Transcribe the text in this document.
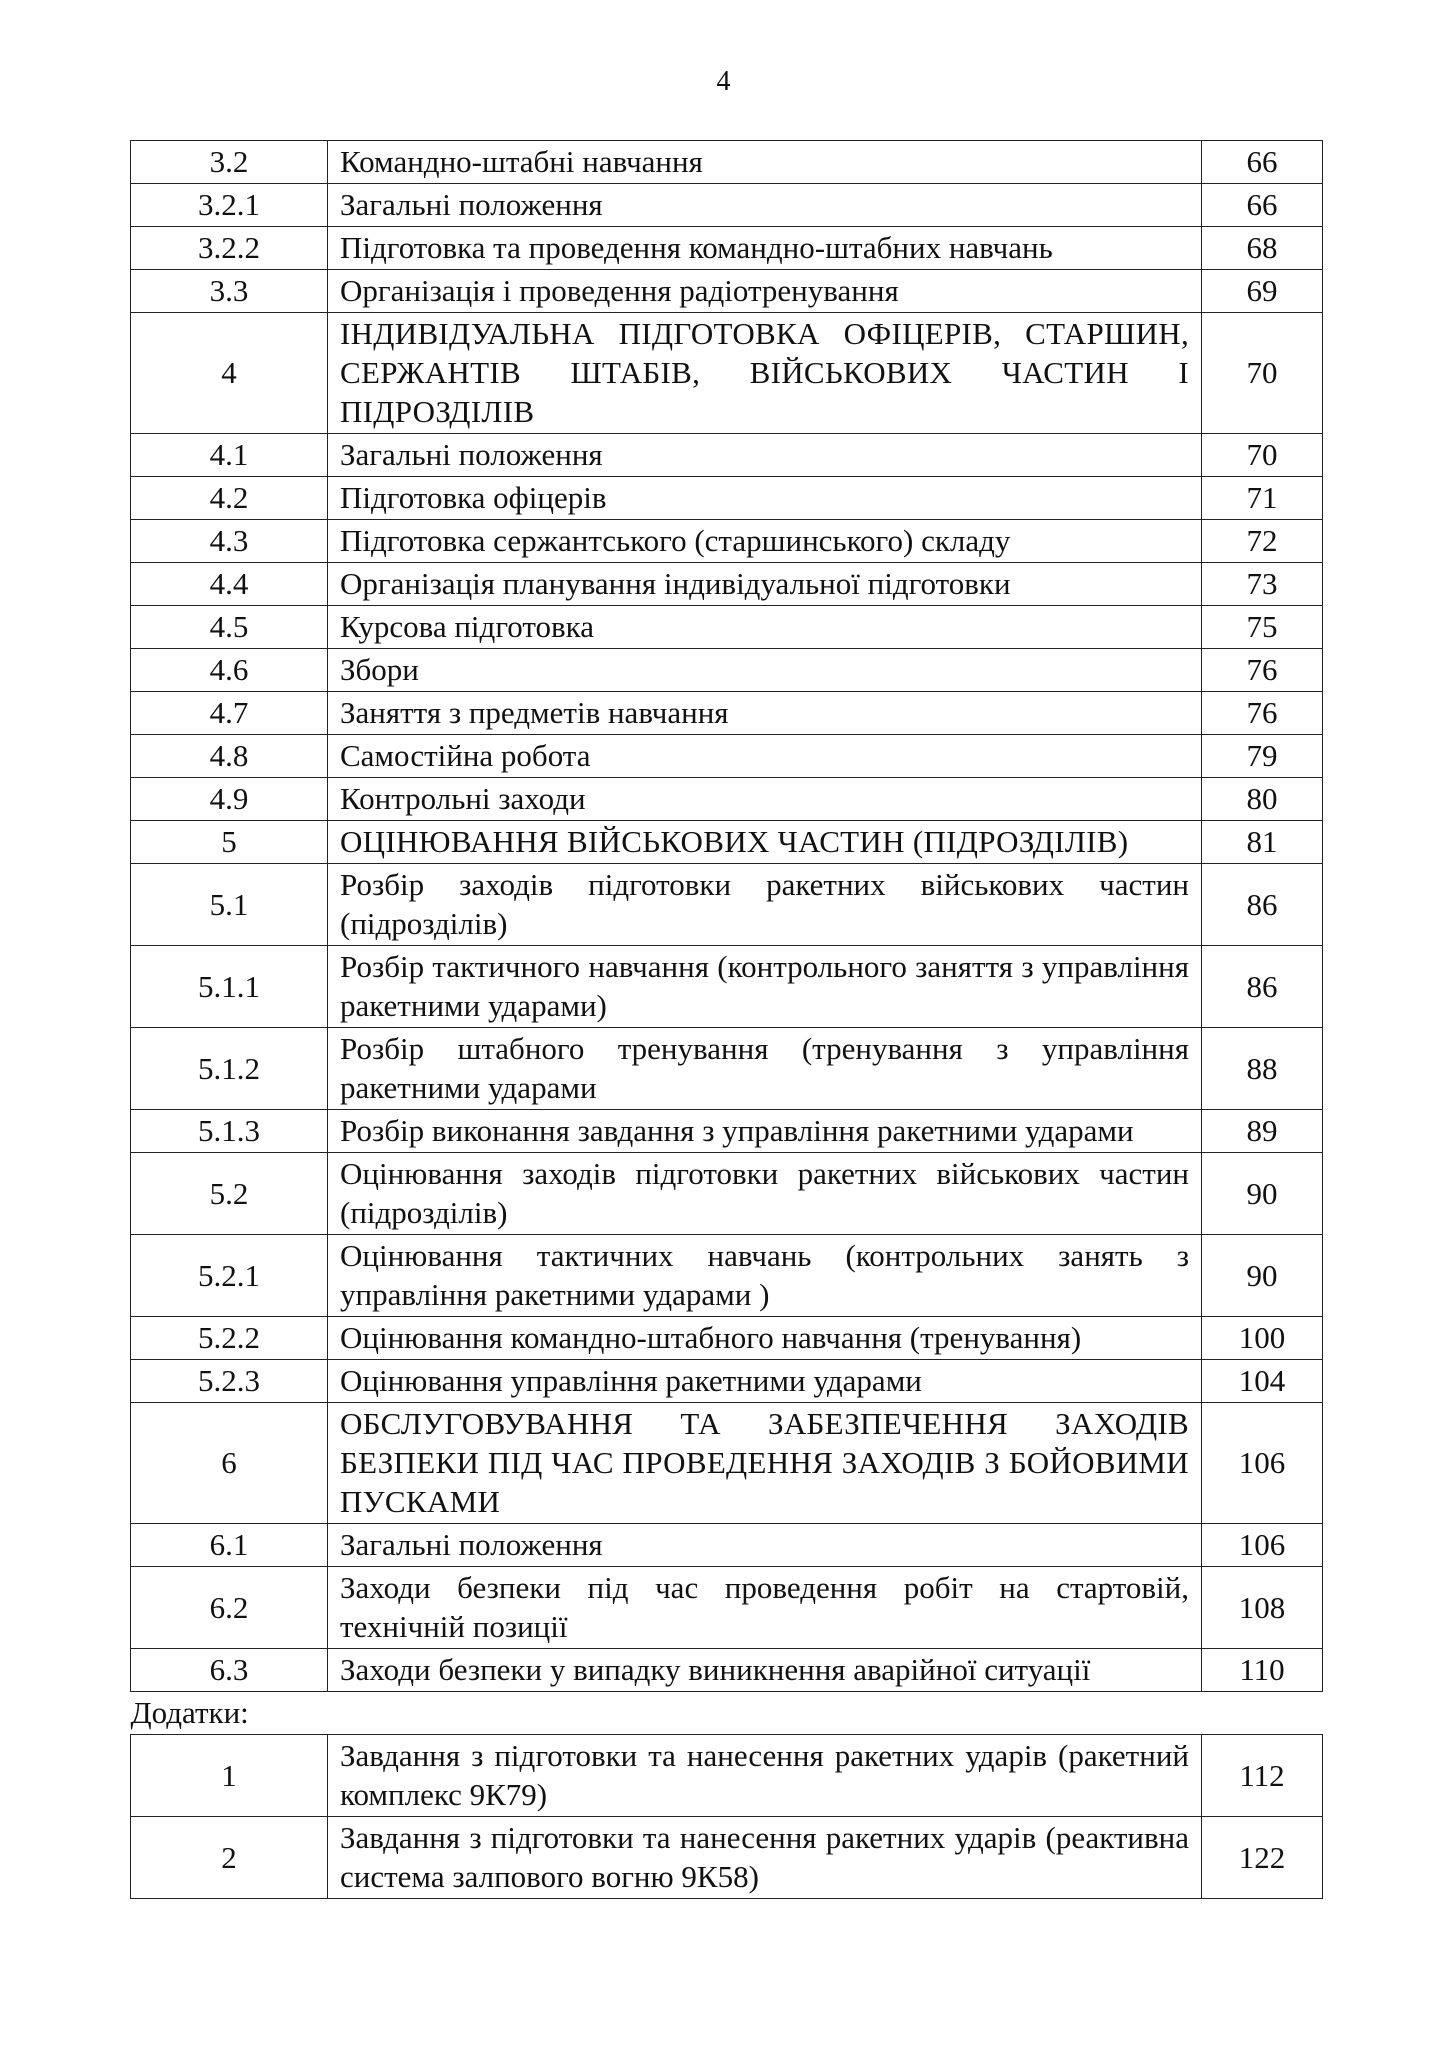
4
3.2	Командно-штабні навчання	66
3.2.1	Загальні положення	66
3.2.2	Підготовка та проведення командно-штабних навчань	68
3.3	Організація і проведення радіотренування	69
4	ІНДИВІДУАЛЬНА ПІДГОТОВКА ОФІЦЕРІВ, СТАРШИН, СЕРЖАНТІВ ШТАБІВ, ВІЙСЬКОВИХ ЧАСТИН І ПІДРОЗДІЛІВ	70
4.1	Загальні положення	70
4.2	Підготовка офіцерів	71
4.3	Підготовка сержантського (старшинського) складу	72
4.4	Організація планування індивідуальної підготовки	73
4.5	Курсова підготовка	75
4.6	Збори	76
4.7	Заняття з предметів навчання	76
4.8	Самостійна робота	79
4.9	Контрольні заходи	80
5	ОЦІНЮВАННЯ ВІЙСЬКОВИХ ЧАСТИН (ПІДРОЗДІЛІВ)	81
5.1	Розбір заходів підготовки ракетних військових частин (підрозділів)	86
5.1.1	Розбір тактичного навчання (контрольного заняття з управління ракетними ударами)	86
5.1.2	Розбір штабного тренування (тренування з управління ракетними ударами	88
5.1.3	Розбір виконання завдання з управління ракетними ударами	89
5.2	Оцінювання заходів підготовки ракетних військових частин (підрозділів)	90
5.2.1	Оцінювання тактичних навчань (контрольних занять з управління ракетними ударами )	90
5.2.2	Оцінювання командно-штабного навчання (тренування)	100
5.2.3	Оцінювання управління ракетними ударами	104
6	ОБСЛУГОВУВАННЯ ТА ЗАБЕЗПЕЧЕННЯ ЗАХОДІВ БЕЗПЕКИ ПІД ЧАС ПРОВЕДЕННЯ ЗАХОДІВ З БОЙОВИМИ ПУСКАМИ	106
6.1	Загальні положення	106
6.2	Заходи безпеки під час проведення робіт на стартовій, технічній позиції	108
6.3	Заходи безпеки у випадку виникнення аварійної ситуації	110
Додатки:		
1	Завдання з підготовки та нанесення ракетних ударів (ракетний комплекс 9К79)	112
2	Завдання з підготовки та нанесення ракетних ударів (реактивна система залпового вогню 9К58)	122
